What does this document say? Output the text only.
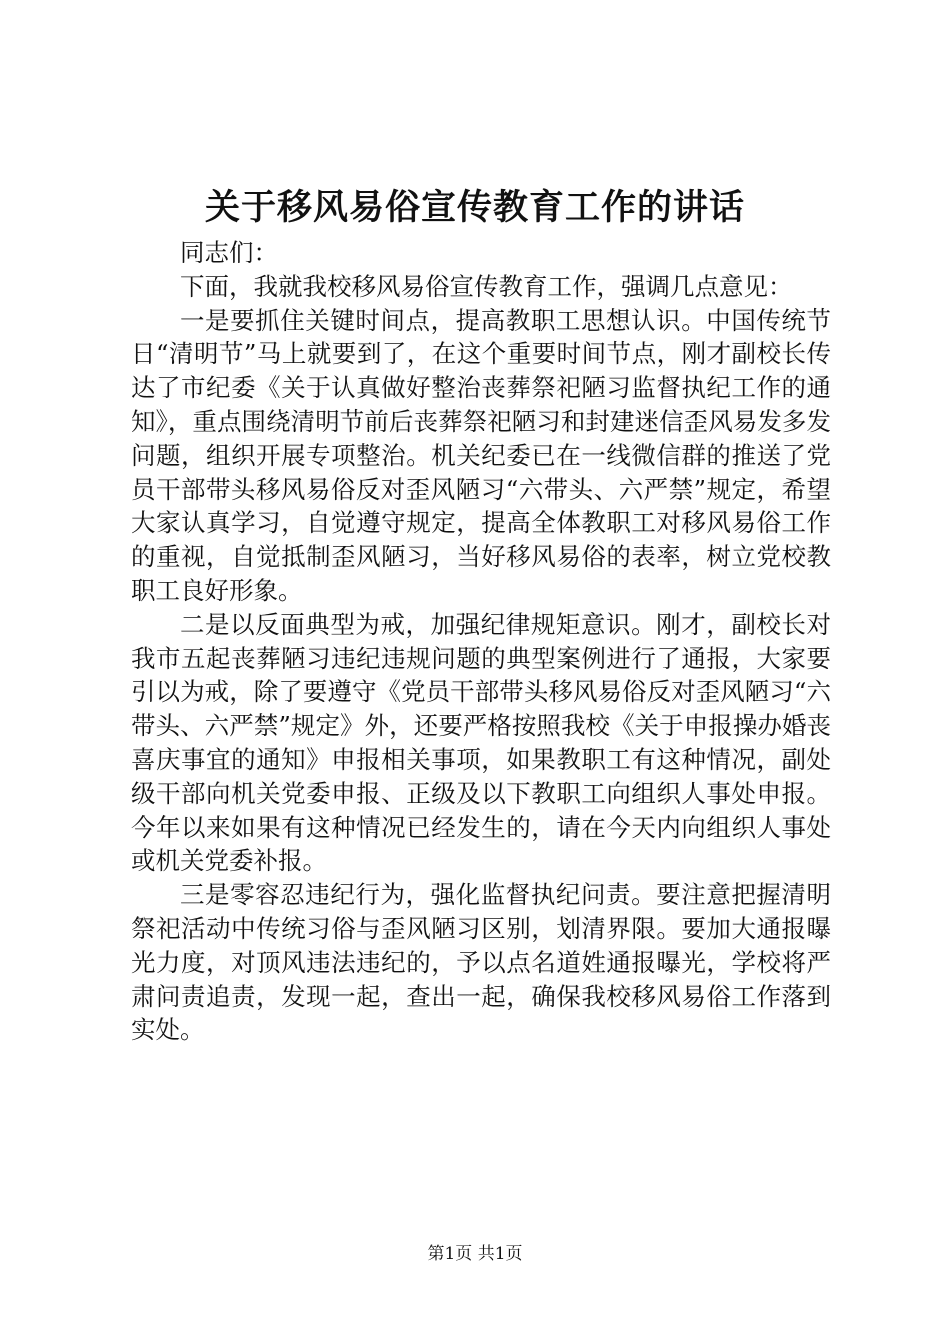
关于移风易俗宣传教育工作的讲话

同志们：

下面，我就我校移风易俗宣传教育工作，强调几点意见：

一是要抓住关键时间点，提高教职工思想认识。中国传统节日“清明节”马上就要到了，在这个重要时间节点，刚才副校长传达了市纪委《关于认真做好整治丧葬祭祀陋习监督执纪工作的通知》，重点围绕清明节前后丧葬祭祀陋习和封建迷信歪风易发多发问题，组织开展专项整治。机关纪委已在一线微信群的推送了党员干部带头移风易俗反对歪风陋习“六带头、六严禁”规定，希望大家认真学习，自觉遵守规定，提高全体教职工对移风易俗工作的重视，自觉抵制歪风陋习，当好移风易俗的表率，树立党校教职工良好形象。

二是以反面典型为戒，加强纪律规矩意识。刚才，副校长对我市五起丧葬陋习违纪违规问题的典型案例进行了通报，大家要引以为戒，除了要遵守《党员干部带头移风易俗反对歪风陋习“六带头、六严禁”规定》外，还要严格按照我校《关于申报操办婚丧喜庆事宜的通知》申报相关事项，如果教职工有这种情况，副处级干部向机关党委申报、正级及以下教职工向组织人事处申报。今年以来如果有这种情况已经发生的，请在今天内向组织人事处或机关党委补报。

三是零容忍违纪行为，强化监督执纪问责。要注意把握清明祭祀活动中传统习俗与歪风陋习区别，划清界限。要加大通报曝光力度，对顶风违法违纪的，予以点名道姓通报曝光，学校将严肃问责追责，发现一起，查出一起，确保我校移风易俗工作落到实处。

第1页 共1页
